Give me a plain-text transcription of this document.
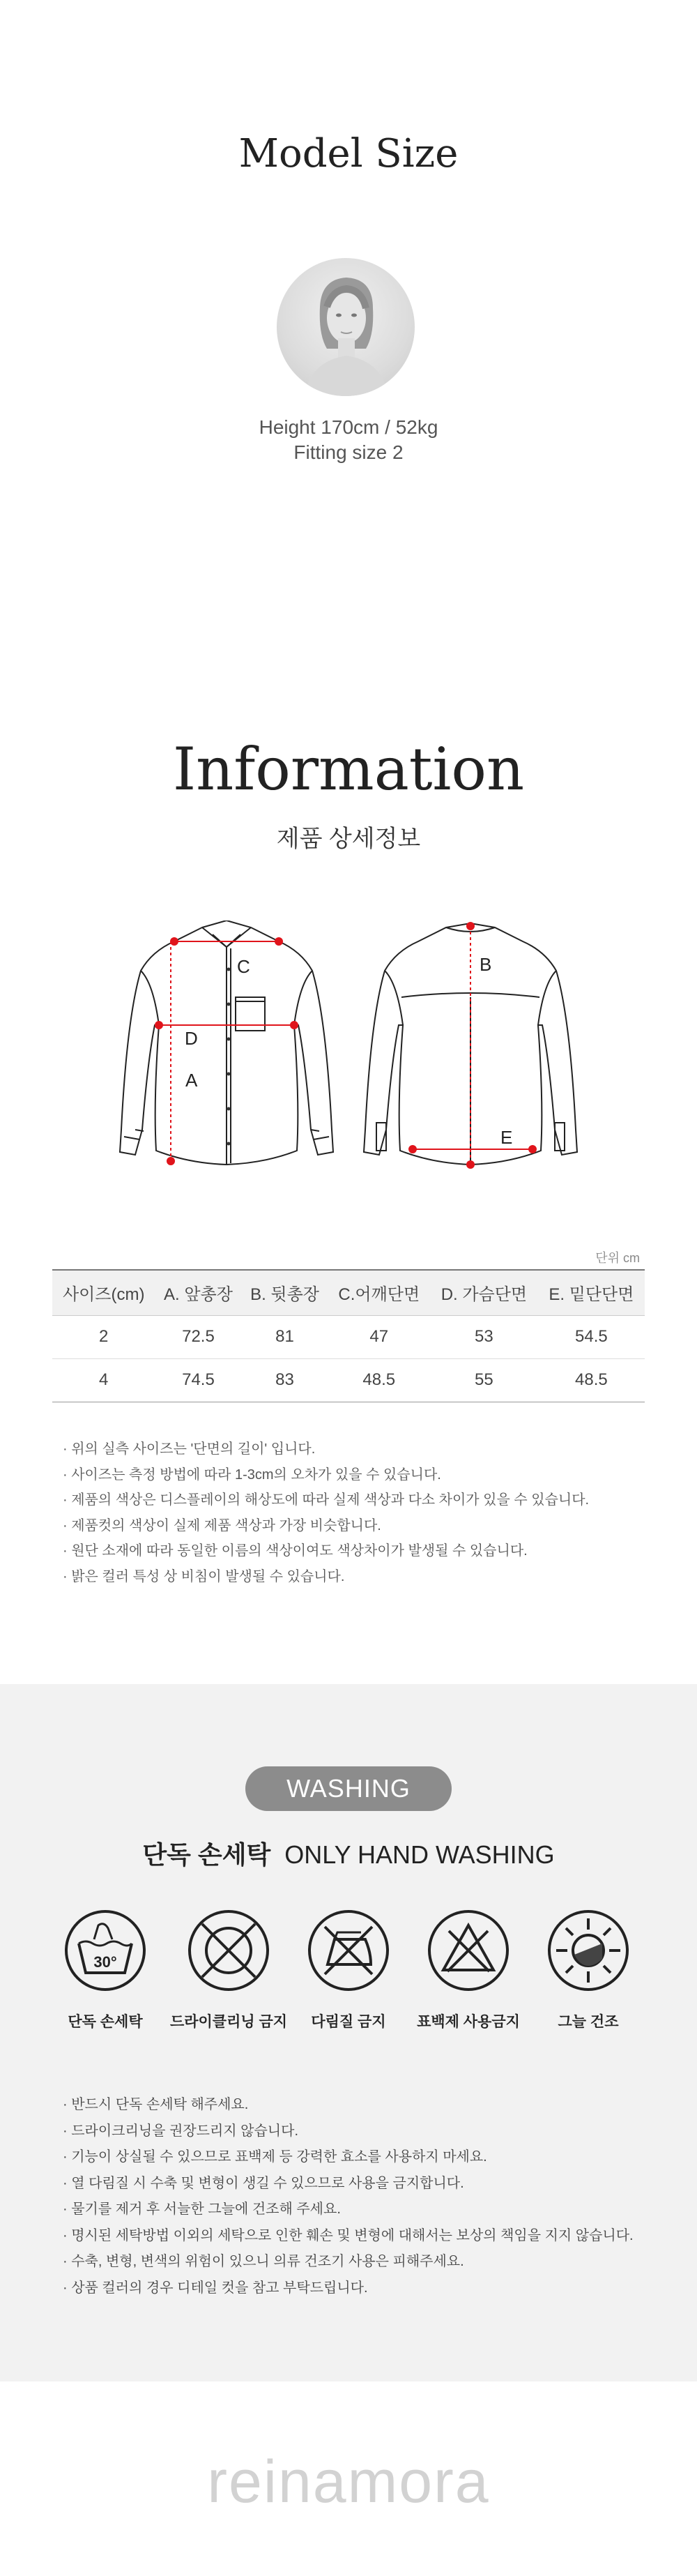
Model Size
Height 170cm / 52kg
Fitting size 2
Information
제품 상세정보
C
D
A
B
E
단위 cm
사이즈(cm)	A. 앞총장	B. 뒷총장	C.어깨단면	D. 가슴단면	E. 밑단단면
2	72.5	81	47	53	54.5
4	74.5	83	48.5	55	48.5
· 위의 실측 사이즈는 '단면의 길이' 입니다.
· 사이즈는 측정 방법에 따라 1-3cm의 오차가 있을 수 있습니다.
· 제품의 색상은 디스플레이의 해상도에 따라 실제 색상과 다소 차이가 있을 수 있습니다.
· 제품컷의 색상이 실제 제품 색상과 가장 비슷합니다.
· 원단 소재에 따라 동일한 이름의 색상이여도 색상차이가 발생될 수 있습니다.
· 밝은 컬러 특성 상 비침이 발생될 수 있습니다.
WASHING
단독 손세탁 ONLY HAND WASHING
30°
단독 손세탁	드라이클리닝 금지	다림질 금지	표백제 사용금지	그늘 건조
· 반드시 단독 손세탁 해주세요.
· 드라이크리닝을 권장드리지 않습니다.
· 기능이 상실될 수 있으므로 표백제 등 강력한 효소를 사용하지 마세요.
· 열 다림질 시 수축 및 변형이 생길 수 있으므로 사용을 금지합니다.
· 물기를 제거 후 서늘한 그늘에 건조해 주세요.
· 명시된 세탁방법 이외의 세탁으로 인한 훼손 및 변형에 대해서는 보상의 책임을 지지 않습니다.
· 수축, 변형, 변색의 위험이 있으니 의류 건조기 사용은 피해주세요.
· 상품 컬러의 경우 디테일 컷을 참고 부탁드립니다.
reinamora
